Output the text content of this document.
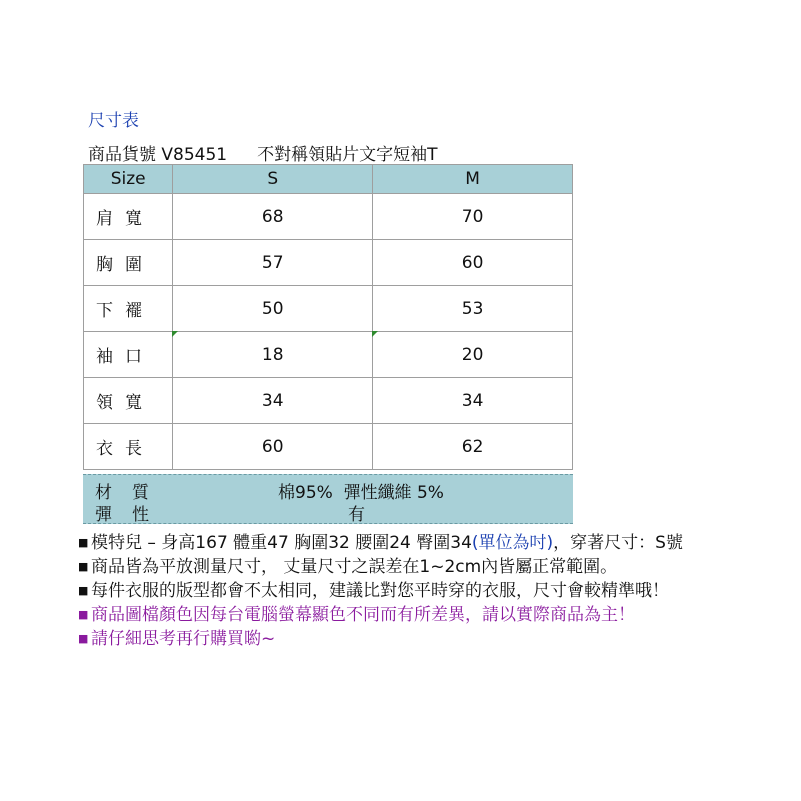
尺寸表
商品貨號 V85451 不對稱領貼片文字短袖T
Size	S	M
肩寬	68	70
胸圍	57	60
下襬	50	53
袖口	18	20
領寬	34	34
衣長	60	62
材質	棉95%  彈性纖維 5%
彈性	有
■ 模特兒 – 身高167 體重47 胸圍32 腰圍24 臀圍34(單位為吋)，穿著尺寸：S號
■ 商品皆為平放測量尺寸， 丈量尺寸之誤差在1~2cm內皆屬正常範圍。
■ 每件衣服的版型都會不太相同，建議比對您平時穿的衣服，尺寸會較精準哦！
■ 商品圖檔顏色因每台電腦螢幕顯色不同而有所差異，請以實際商品為主！
■ 請仔細思考再行購買喲~
